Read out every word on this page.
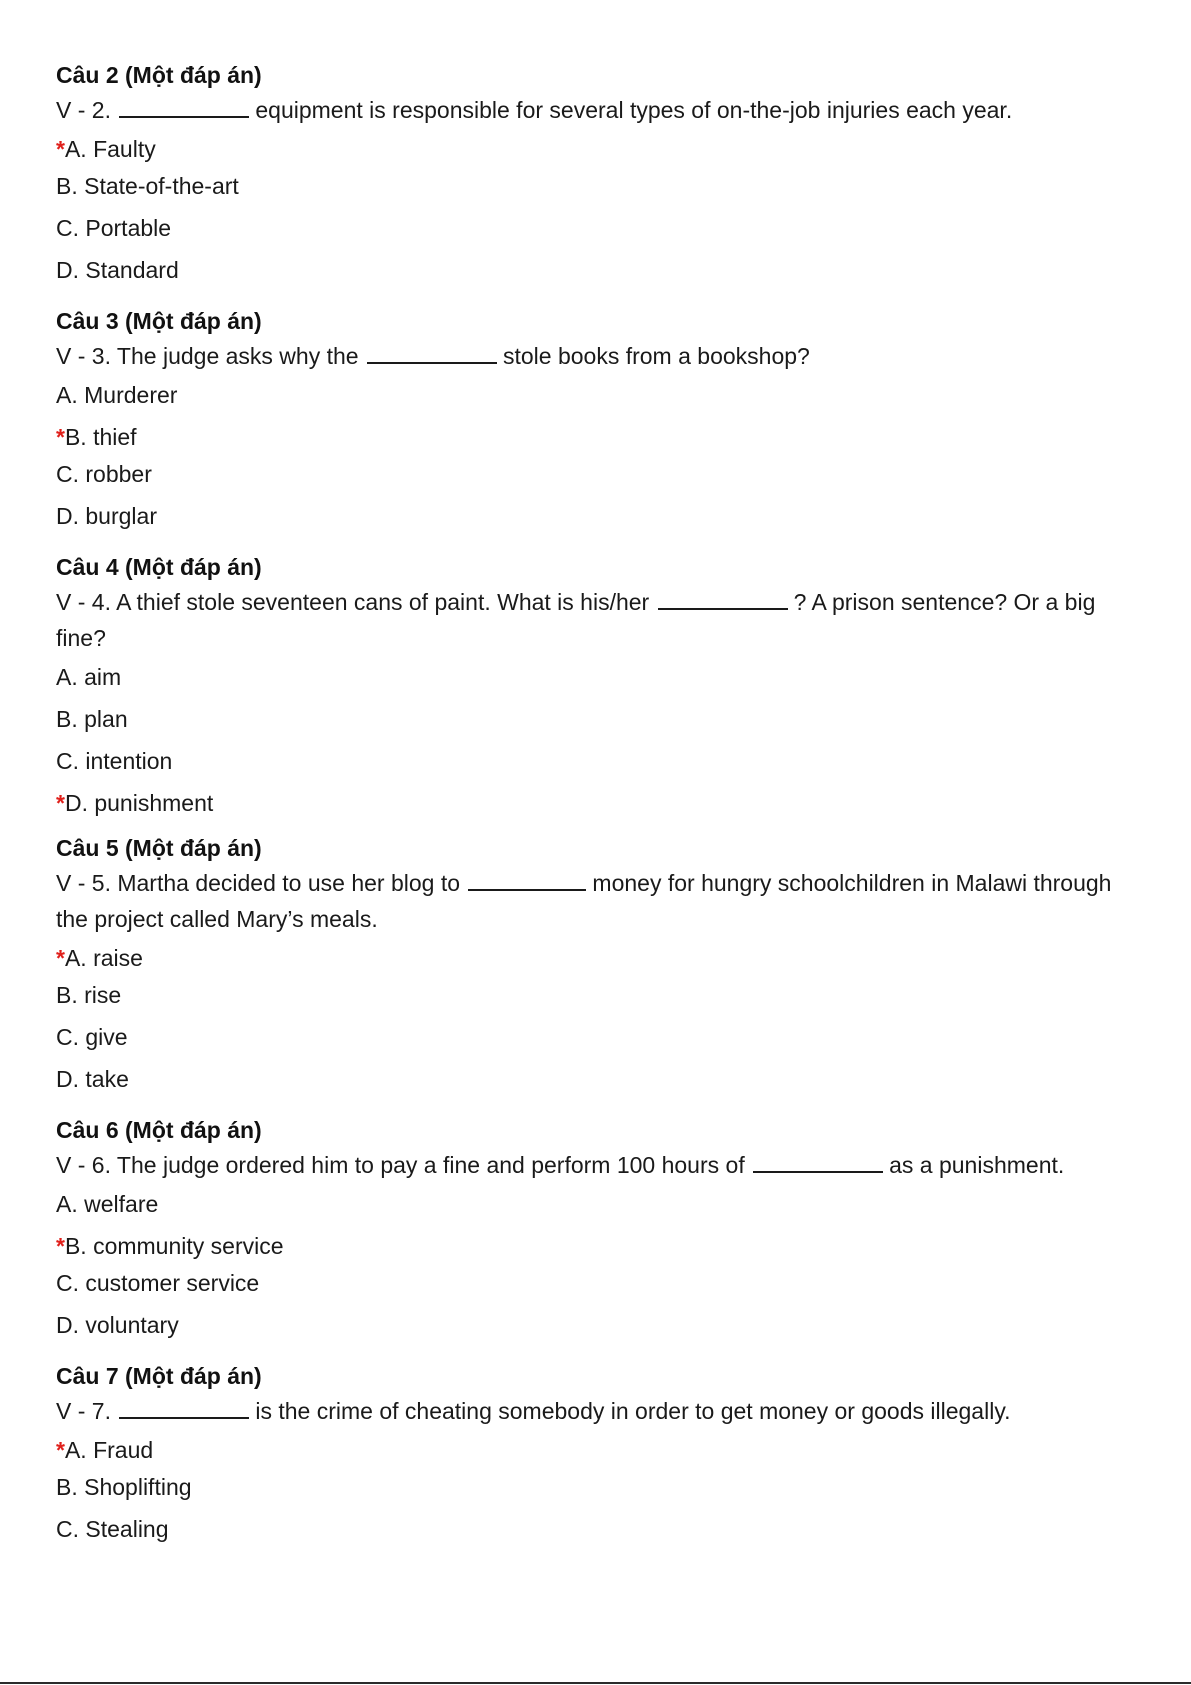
Câu 2 (Một đáp án)
V - 2.	equipment is responsible for several types of on-the-job injuries each year.
*A. Faulty
B. State-of-the-art
C. Portable
D. Standard
Câu 3 (Một đáp án)
V - 3. The judge asks why the	stole books from a bookshop?
A. Murderer
*B. thief
C. robber
D. burglar
Câu 4 (Một đáp án)
V - 4. A thief stole seventeen cans of paint. What is his/her	? A prison sentence? Or a big fine?
A. aim
B. plan
C. intention
*D. punishment
Câu 5 (Một đáp án)
V - 5. Martha decided to use her blog to	money for hungry schoolchildren in Malawi through the project called Mary’s meals.
*A. raise
B. rise
C. give
D. take
Câu 6 (Một đáp án)
V - 6. The judge ordered him to pay a fine and perform 100 hours of	as a punishment.
A. welfare
*B. community service
C. customer service
D. voluntary
Câu 7 (Một đáp án)
V - 7.	is the crime of cheating somebody in order to get money or goods illegally.
*A. Fraud
B. Shoplifting
C. Stealing
